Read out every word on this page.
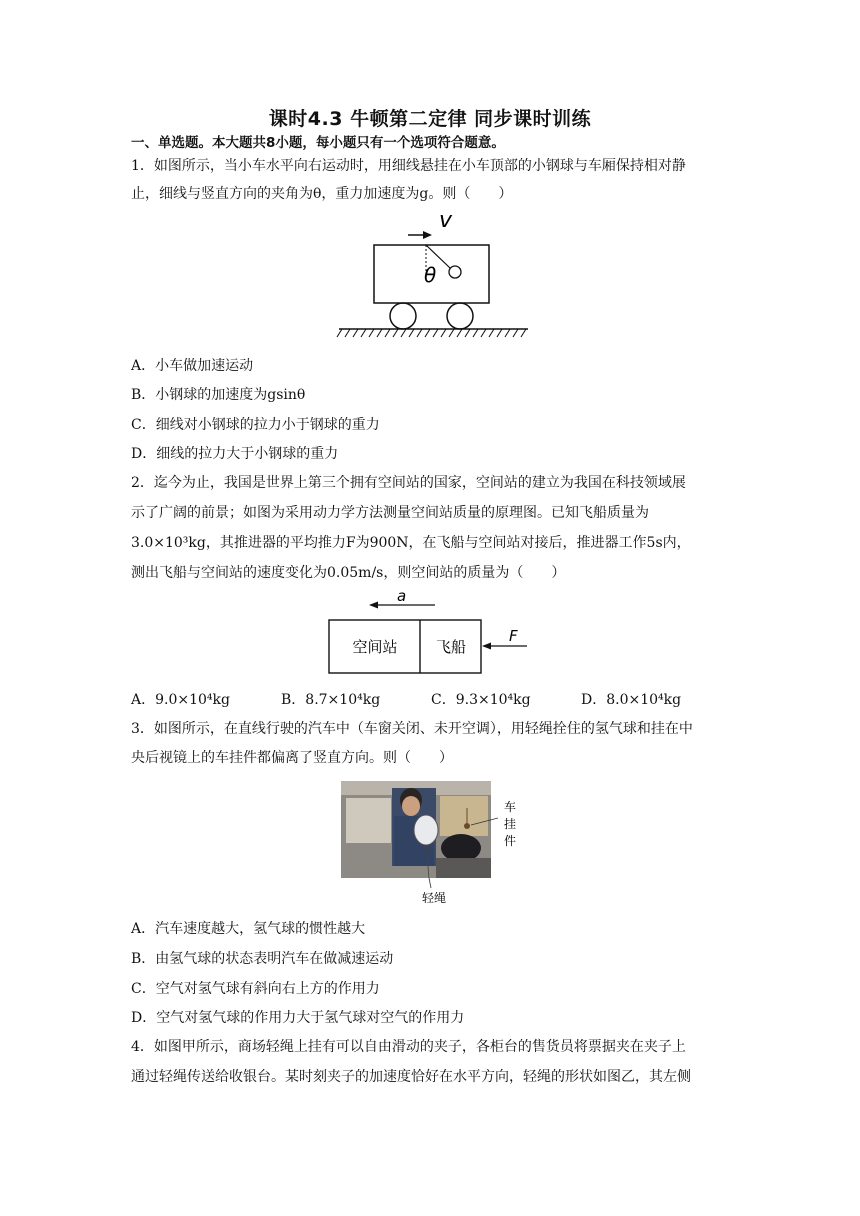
课时4.3 牛顿第二定律 同步课时训练
一、单选题。本大题共8小题，每小题只有一个选项符合题意。
1．如图所示，当小车水平向右运动时，用细线悬挂在小车顶部的小钢球与车厢保持相对静
止，细线与竖直方向的夹角为θ，重力加速度为g。则（　　）
v
θ
A．小车做加速运动
B．小钢球的加速度为gsinθ
C．细线对小钢球的拉力小于钢球的重力
D．细线的拉力大于小钢球的重力
2．迄今为止，我国是世界上第三个拥有空间站的国家，空间站的建立为我国在科技领域展
示了广阔的前景；如图为采用动力学方法测量空间站质量的原理图。已知飞船质量为
3.0×10³kg，其推进器的平均推力F为900N，在飞船与空间站对接后，推进器工作5s内，
测出飞船与空间站的速度变化为0.05m/s，则空间站的质量为（　　）
a
空间站	飞船
F
A．9.0×10⁴kg	B．8.7×10⁴kg	C．9.3×10⁴kg	D．8.0×10⁴kg
3．如图所示，在直线行驶的汽车中（车窗关闭、未开空调），用轻绳拴住的氢气球和挂在中
央后视镜上的车挂件都偏离了竖直方向。则（　　）
车
挂
件
轻绳
A．汽车速度越大，氢气球的惯性越大
B．由氢气球的状态表明汽车在做减速运动
C．空气对氢气球有斜向右上方的作用力
D．空气对氢气球的作用力大于氢气球对空气的作用力
4．如图甲所示，商场轻绳上挂有可以自由滑动的夹子，各柜台的售货员将票据夹在夹子上
通过轻绳传送给收银台。某时刻夹子的加速度恰好在水平方向，轻绳的形状如图乙，其左侧
